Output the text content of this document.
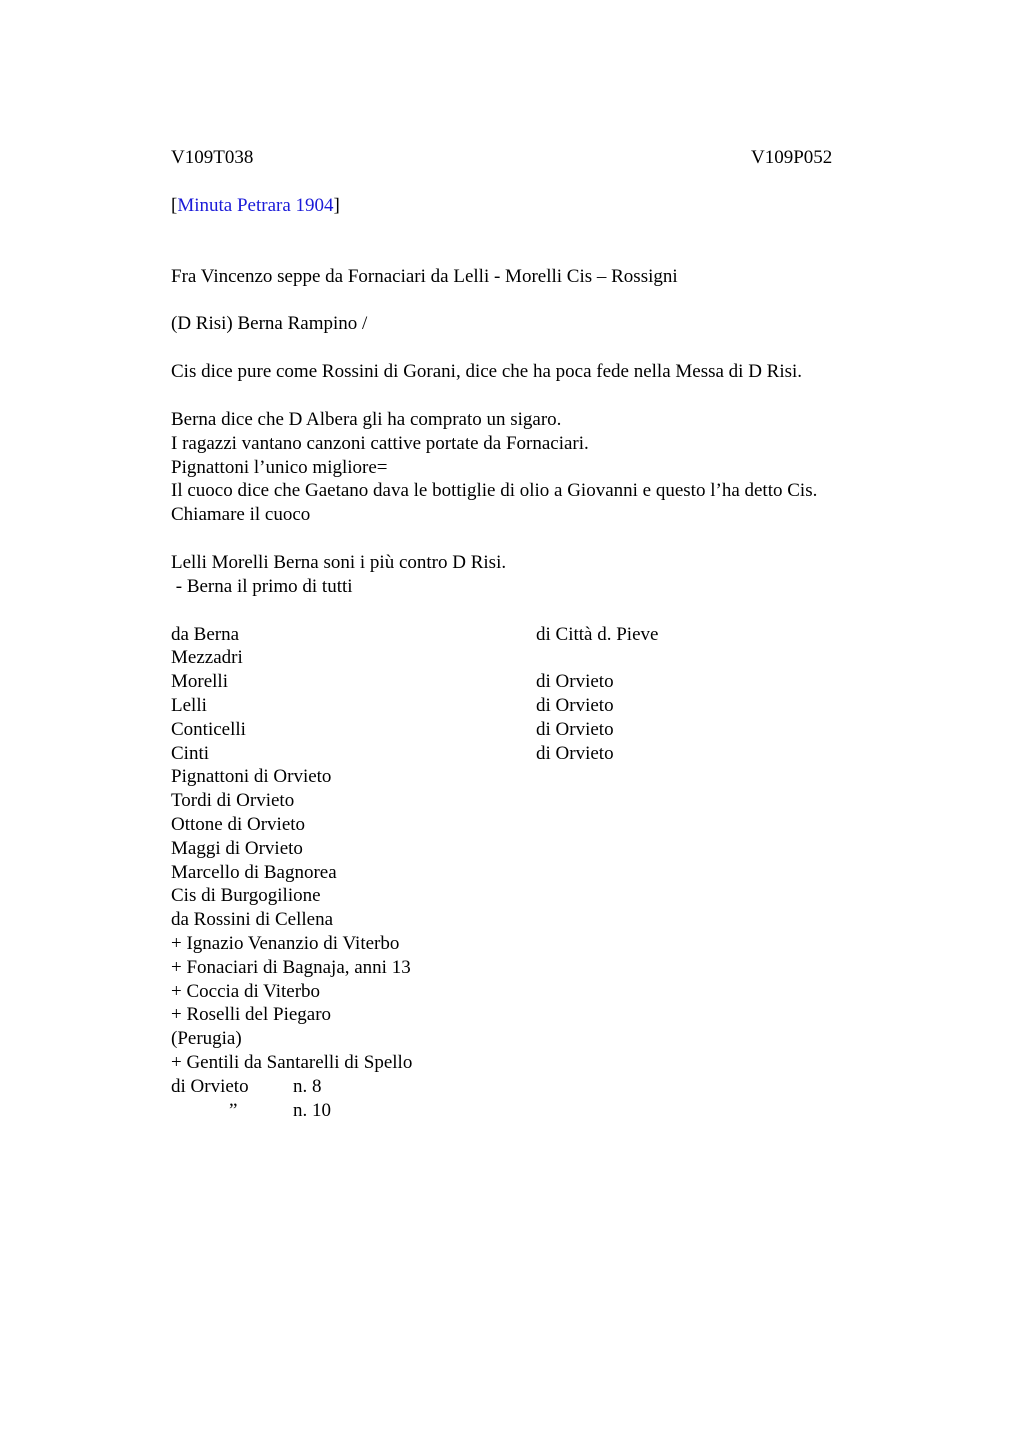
V109T038	V109P052
[Minuta Petrara 1904]
Fra Vincenzo seppe da Fornaciari da Lelli - Morelli Cis – Rossigni
(D Risi) Berna Rampino /
Cis dice pure come Rossini di Gorani, dice che ha poca fede nella Messa di D Risi.
Berna dice che D Albera gli ha comprato un sigaro.
I ragazzi vantano canzoni cattive portate da Fornaciari.
Pignattoni l’unico migliore=
Il cuoco dice che Gaetano dava le bottiglie di olio a Giovanni e questo l’ha detto Cis.
Chiamare il cuoco
Lelli Morelli Berna soni i più contro D Risi.
- Berna il primo di tutti
da Berna	di Città d. Pieve
Mezzadri
Morelli	di Orvieto
Lelli	di Orvieto
Conticelli	di Orvieto
Cinti	di Orvieto
Pignattoni di Orvieto
Tordi di Orvieto
Ottone di Orvieto
Maggi di Orvieto
Marcello di Bagnorea
Cis di Burgogilione
da Rossini di Cellena
+ Ignazio Venanzio di Viterbo
+ Fonaciari di Bagnaja, anni 13
+ Coccia di Viterbo
+ Roselli del Piegaro
(Perugia)
+ Gentili da Santarelli di Spello
di Orvieto n. 8
”	n. 10
